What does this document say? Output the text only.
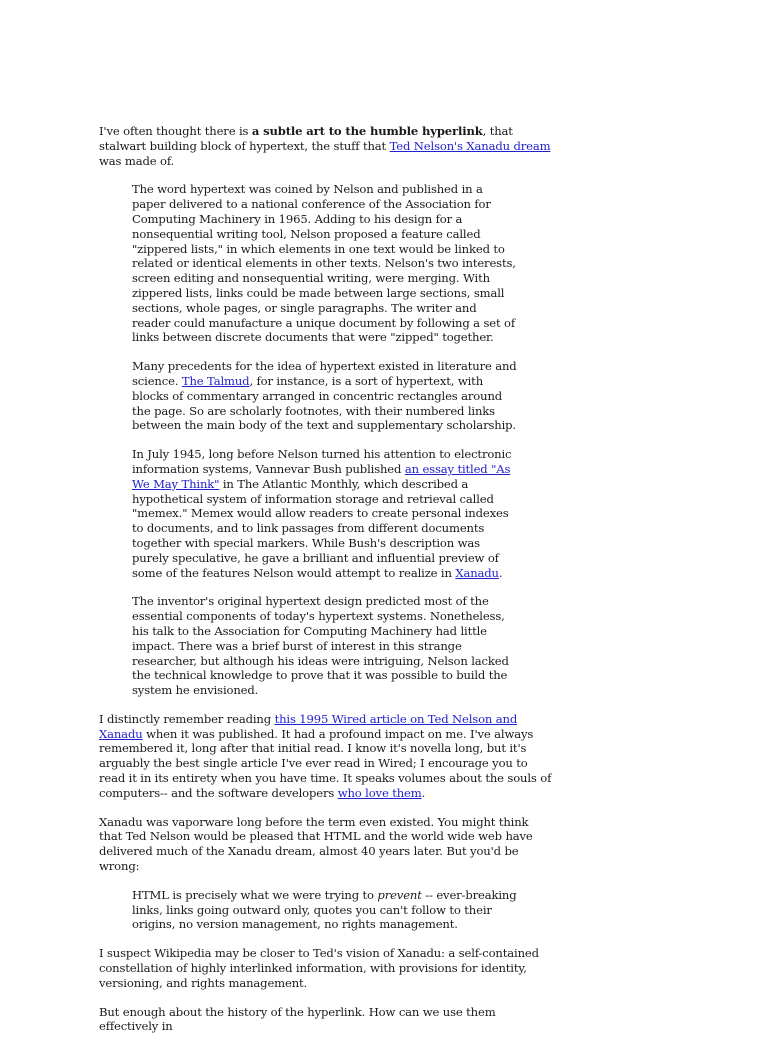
I've often thought there is a subtle art to the humble hyperlink, that stalwart building block of hypertext, the stuff that Ted Nelson's Xanadu dream was made of.

The word hypertext was coined by Nelson and published in a paper delivered to a national conference of the Association for Computing Machinery in 1965. Adding to his design for a nonsequential writing tool, Nelson proposed a feature called "zippered lists," in which elements in one text would be linked to related or identical elements in other texts. Nelson's two interests, screen editing and nonsequential writing, were merging. With zippered lists, links could be made between large sections, small sections, whole pages, or single paragraphs. The writer and reader could manufacture a unique document by following a set of links between discrete documents that were "zipped" together.

Many precedents for the idea of hypertext existed in literature and science. The Talmud, for instance, is a sort of hypertext, with blocks of commentary arranged in concentric rectangles around the page. So are scholarly footnotes, with their numbered links between the main body of the text and supplementary scholarship.

In July 1945, long before Nelson turned his attention to electronic information systems, Vannevar Bush published an essay titled "As We May Think" in The Atlantic Monthly, which described a hypothetical system of information storage and retrieval called "memex." Memex would allow readers to create personal indexes to documents, and to link passages from different documents together with special markers. While Bush's description was purely speculative, he gave a brilliant and influential preview of some of the features Nelson would attempt to realize in Xanadu.

The inventor's original hypertext design predicted most of the essential components of today's hypertext systems. Nonetheless, his talk to the Association for Computing Machinery had little impact. There was a brief burst of interest in this strange researcher, but although his ideas were intriguing, Nelson lacked the technical knowledge to prove that it was possible to build the system he envisioned.

I distinctly remember reading this 1995 Wired article on Ted Nelson and Xanadu when it was published. It had a profound impact on me. I've always remembered it, long after that initial read. I know it's novella long, but it's arguably the best single article I've ever read in Wired; I encourage you to read it in its entirety when you have time. It speaks volumes about the souls of computers-- and the software developers who love them.

Xanadu was vaporware long before the term even existed. You might think that Ted Nelson would be pleased that HTML and the world wide web have delivered much of the Xanadu dream, almost 40 years later. But you'd be wrong:

HTML is precisely what we were trying to prevent -- ever-breaking links, links going outward only, quotes you can't follow to their origins, no version management, no rights management.

I suspect Wikipedia may be closer to Ted's vision of Xanadu: a self-contained constellation of highly interlinked information, with provisions for identity, versioning, and rights management.

But enough about the history of the hyperlink. How can we use them effectively in
